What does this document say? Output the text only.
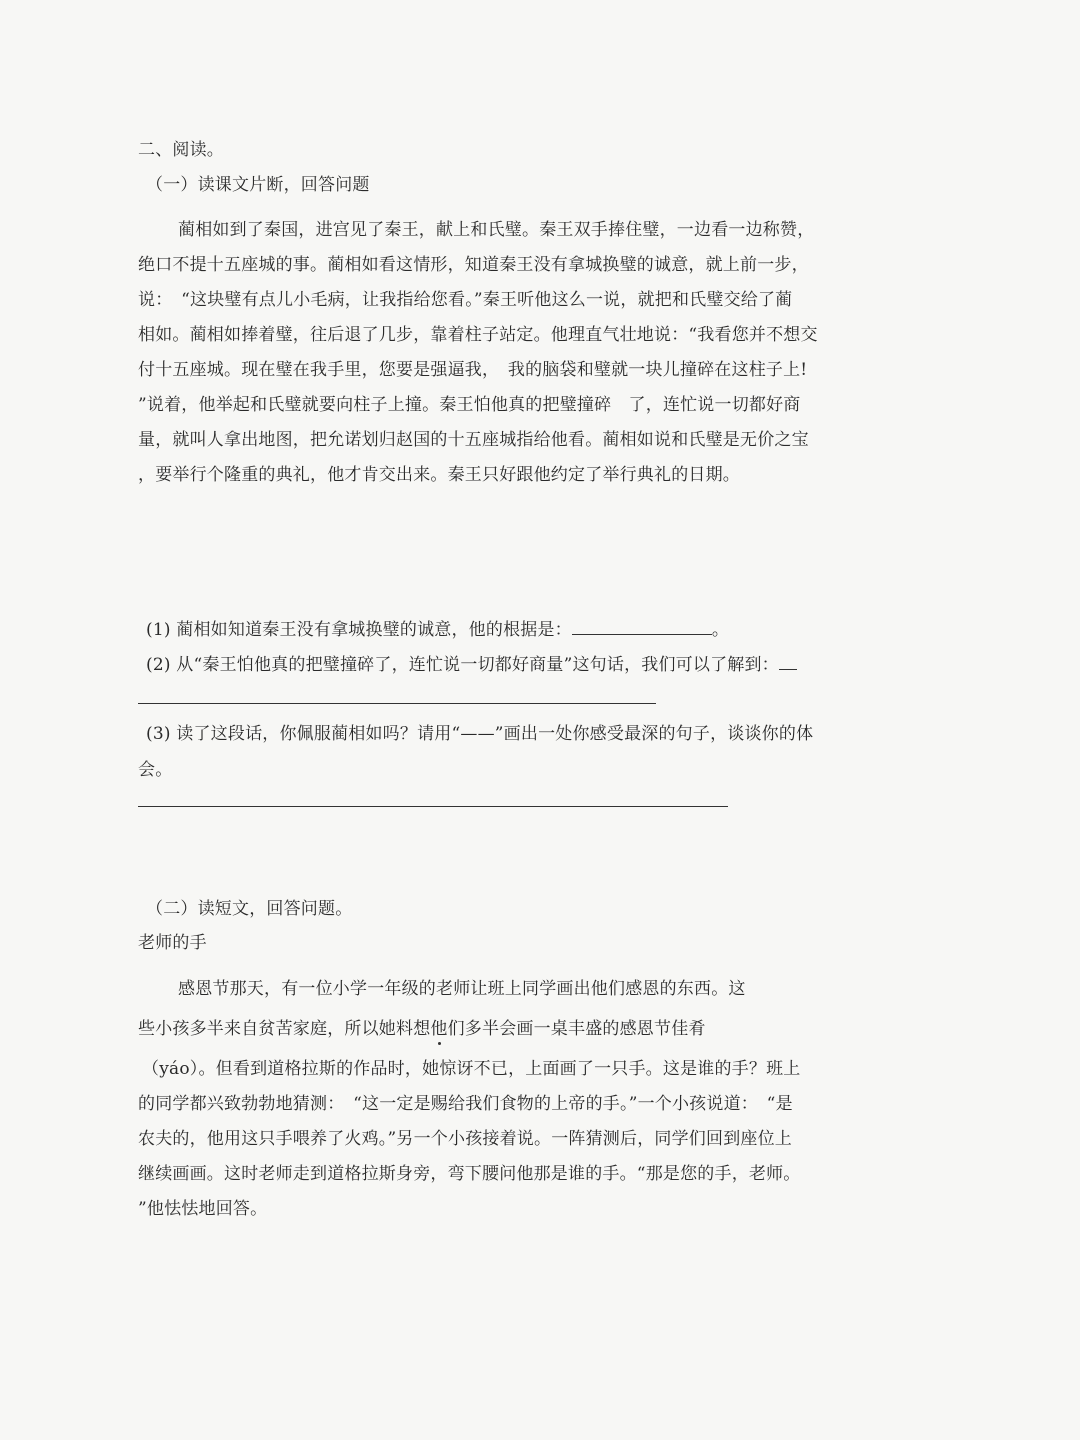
二、阅读。
（一）读课文片断，回答问题
蔺相如到了秦国，进宫见了秦王，献上和氏璧。秦王双手捧住璧，一边看一边称赞，
绝口不提十五座城的事。蔺相如看这情形，知道秦王没有拿城换璧的诚意，就上前一步，
说：　“这块璧有点儿小毛病，让我指给您看。”秦王听他这么一说，就把和氏璧交给了蔺
相如。蔺相如捧着璧，往后退了几步，靠着柱子站定。他理直气壮地说：“我看您并不想交
付十五座城。现在璧在我手里，您要是强逼我，　我的脑袋和璧就一块儿撞碎在这柱子上!
”说着，他举起和氏璧就要向柱子上撞。秦王怕他真的把璧撞碎　了，连忙说一切都好商
量，就叫人拿出地图，把允诺划归赵国的十五座城指给他看。蔺相如说和氏璧是无价之宝
，要举行个隆重的典礼，他才肯交出来。秦王只好跟他约定了举行典礼的日期。
(1) 蔺相如知道秦王没有拿城换璧的诚意，他的根据是：	。
(2) 从“秦王怕他真的把璧撞碎了，连忙说一切都好商量”这句话，我们可以了解到：
(3) 读了这段话，你佩服蔺相如吗？请用“——”画出一处你感受最深的句子，谈谈你的体
会。
（二）读短文，回答问题。
老师的手
感恩节那天，有一位小学一年级的老师让班上同学画出他们感恩的东西。这
些小孩多半来自贫苦家庭，所以她料想他们多半会画一桌丰盛的感恩节佳肴
（yáo）。但看到道格拉斯的作品时，她惊讶不已，上面画了一只手。这是谁的手？班上
的同学都兴致勃勃地猜测：　“这一定是赐给我们食物的上帝的手。”一个小孩说道：　“是
农夫的，他用这只手喂养了火鸡。”另一个小孩接着说。一阵猜测后，同学们回到座位上
继续画画。这时老师走到道格拉斯身旁，弯下腰问他那是谁的手。“那是您的手，老师。
”他怯怯地回答。
